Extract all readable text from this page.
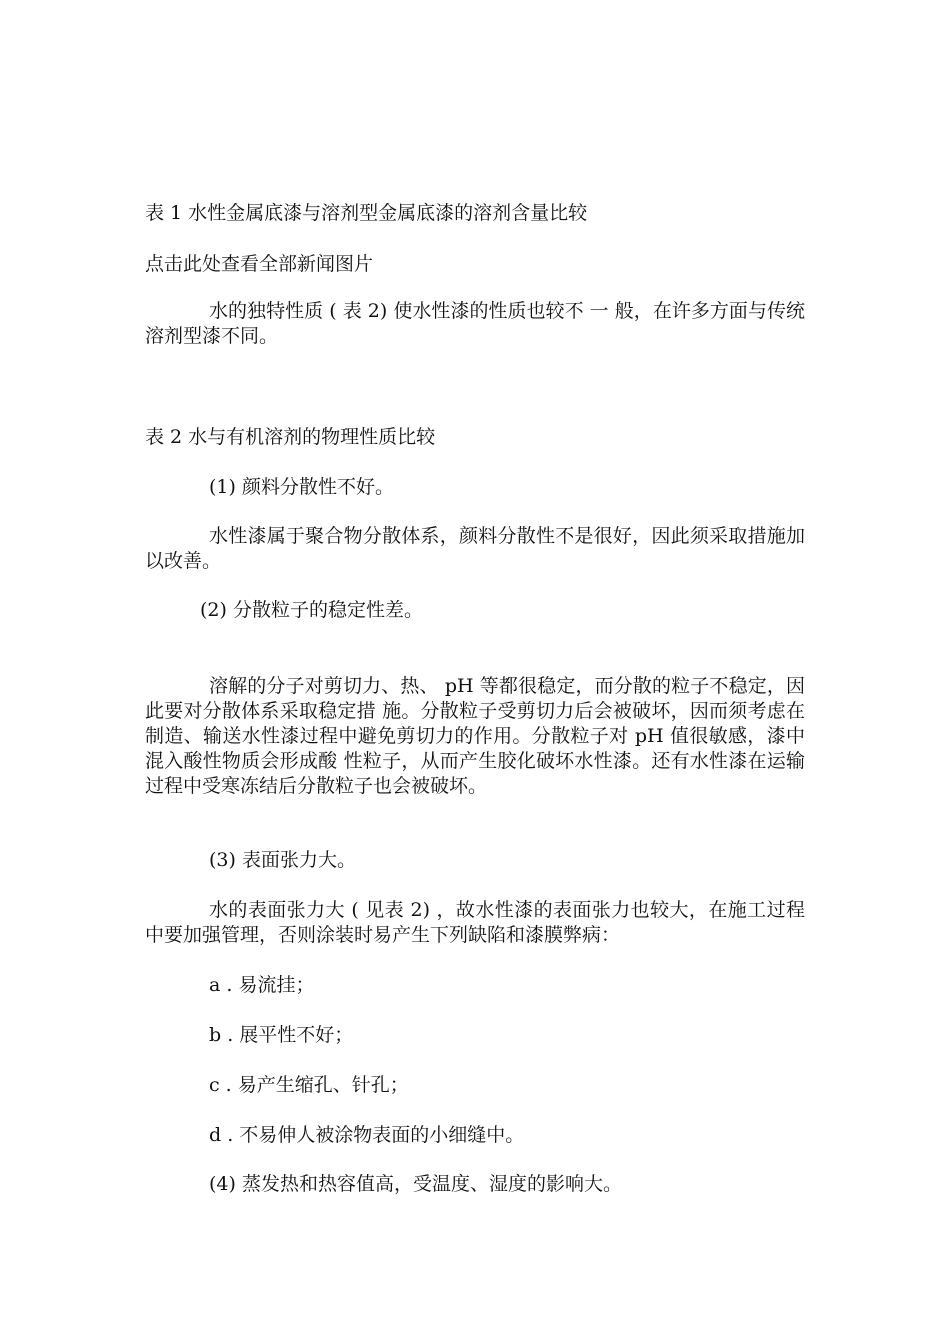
表 1 水性金属底漆与溶剂型金属底漆的溶剂含量比较
点击此处查看全部新闻图片
水的独特性质 ( 表 2) 使水性漆的性质也较不 一 般，在许多方面与传统溶剂型漆不同。
表 2 水与有机溶剂的物理性质比较
(1) 颜料分散性不好。
水性漆属于聚合物分散体系，颜料分散性不是很好，因此须采取措施加以改善。
(2) 分散粒子的稳定性差。
溶解的分子对剪切力、热、 pH 等都很稳定，而分散的粒子不稳定，因此要对分散体系采取稳定措 施。分散粒子受剪切力后会被破坏，因而须考虑在 制造、输送水性漆过程中避免剪切力的作用。分散粒子对 pH 值很敏感，漆中混入酸性物质会形成酸 性粒子，从而产生胶化破坏水性漆。还有水性漆在运输过程中受寒冻结后分散粒子也会被破坏。
(3) 表面张力大。
水的表面张力大 ( 见表 2) ，故水性漆的表面张力也较大，在施工过程中要加强管理，否则涂装时易产生下列缺陷和漆膜弊病：
a . 易流挂；
b . 展平性不好；
c . 易产生缩孔、针孔；
d . 不易伸人被涂物表面的小细缝中。
(4) 蒸发热和热容值高，受温度、湿度的影响大。
